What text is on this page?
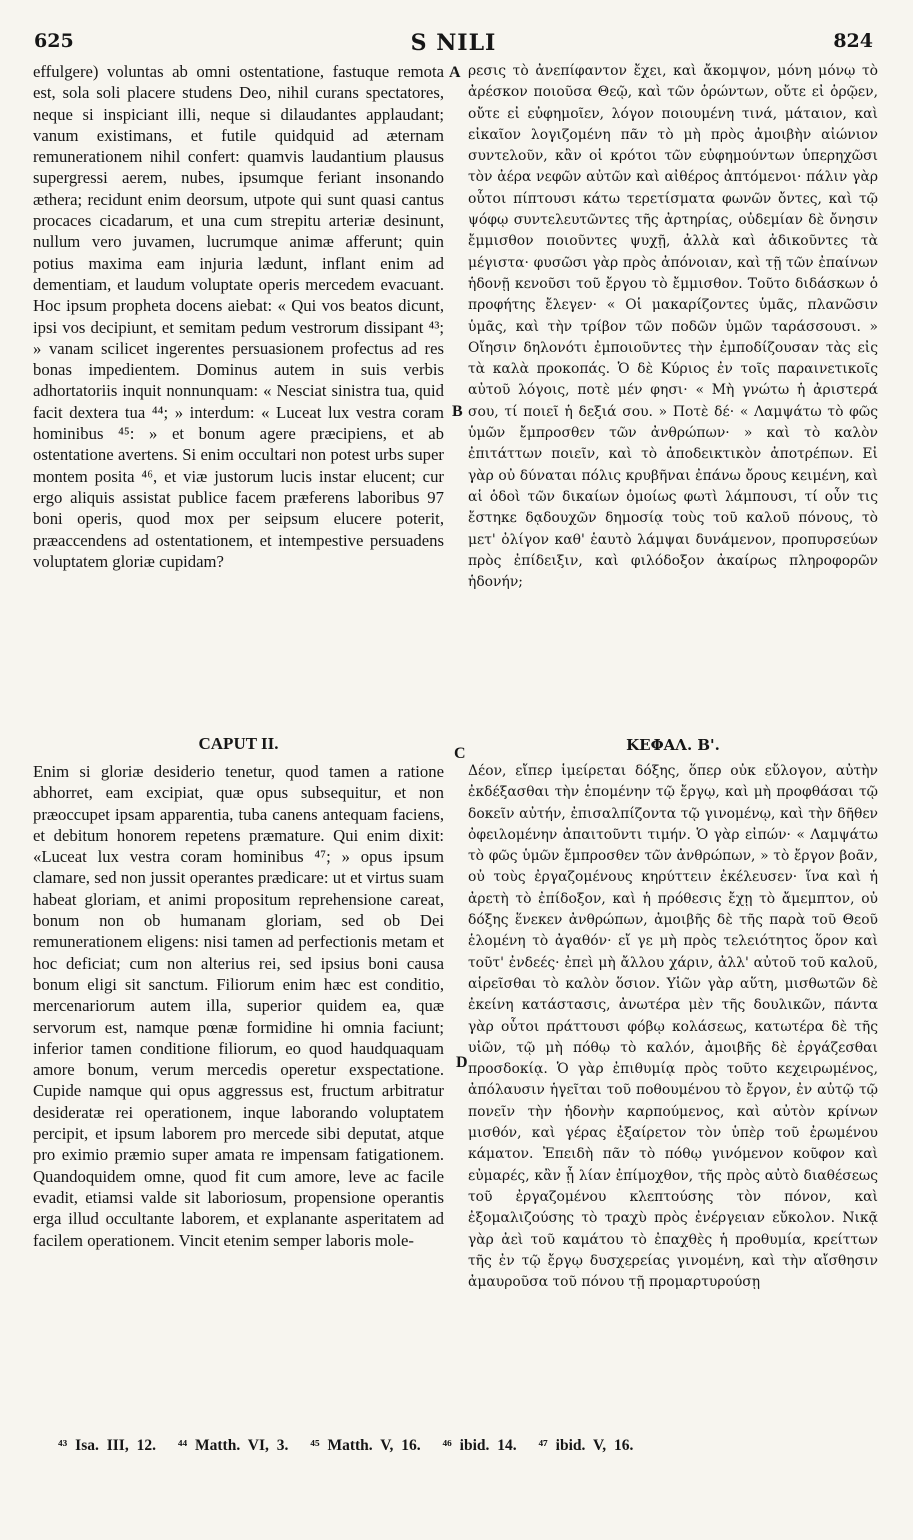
625	S NILI	824
effulgere) voluntas ab omni ostentatione, fastuque remota est, sola soli placere studens Deo, nihil curans spectatores, neque si inspiciant illi, neque si dilaudantes applaudant; vanum existimans, et futile quidquid ad æternam remunerationem nihil confert: quamvis laudantium plausus supergressi aerem, nubes, ipsumque feriant insonando æthera; recidunt enim deorsum, utpote qui sunt quasi cantus procaces cicadarum, et una cum strepitu arteriæ desinunt, nullum vero juvamen, lucrumque animæ afferunt; quin potius maxima eam injuria lædunt, inflant enim ad dementiam, et laudum voluptate operis mercedem evacuant. Hoc ipsum propheta docens aiebat: « Qui vos beatos dicunt, ipsi vos decipiunt, et semitam pedum vestrorum dissipant ⁴³; » vanam scilicet ingerentes persuasionem profectus ad res bonas impedientem. Dominus autem in suis verbis adhortatoriis inquit nonnunquam: « Nesciat sinistra tua, quid facit dextera tua ⁴⁴; » interdum: « Luceat lux vestra coram hominibus ⁴⁵: » et bonum agere præcipiens, et ab ostentatione avertens. Si enim occultari non potest urbs super montem posita ⁴⁶, et viæ justorum lucis instar elucent; cur ergo aliquis assistat publice facem præferens laboribus 97 boni operis, quod mox per seipsum elucere poterit, præaccendens ad ostentationem, et intempestive persuadens voluptatem gloriæ cupidam?
ρεσις τὸ ἀνεπίφαντον ἔχει, καὶ ἄκομψον, μόνη μόνῳ τὸ ἀρέσκον ποιοῦσα Θεῷ, καὶ τῶν ὁρώντων, οὔτε εἰ ὁρῷεν, οὔτε εἰ εὐφημοῖεν, λόγον ποιουμένη τινά, μάταιον, καὶ εἰκαῖον λογιζομένη πᾶν τὸ μὴ πρὸς ἀμοιβὴν αἰώνιον συντελοῦν, κἂν οἱ κρότοι τῶν εὐφημούντων ὑπερηχῶσι τὸν ἀέρα νεφῶν αὐτῶν καὶ αἰθέρος ἀπτόμενοι· πάλιν γὰρ οὗτοι πίπτουσι κάτω τερετίσματα φωνῶν ὄντες, καὶ τῷ ψόφῳ συντελευτῶντες τῆς ἀρτηρίας, οὐδεμίαν δὲ ὄνησιν ἔμμισθον ποιοῦντες ψυχῇ, ἀλλὰ καὶ ἀδικοῦντες τὰ μέγιστα· φυσῶσι γὰρ πρὸς ἀπόνοιαν, καὶ τῇ τῶν ἐπαίνων ἡδονῇ κενοῦσι τοῦ ἔργου τὸ ἔμμισθον. Τοῦτο διδάσκων ὁ προφήτης ἔλεγεν· « Οἱ μακαρίζοντες ὑμᾶς, πλανῶσιν ὑμᾶς, καὶ τὴν τρίβον τῶν ποδῶν ὑμῶν ταράσσουσι. » Οἴησιν δηλονότι ἐμποιοῦντες τὴν ἐμποδίζουσαν τὰς εἰς τὰ καλὰ προκοπάς. Ὁ δὲ Κύριος ἐν τοῖς παραινετικοῖς αὐτοῦ λόγοις, ποτὲ μέν φησι· « Μὴ γνώτω ἡ ἀριστερά σου, τί ποιεῖ ἡ δεξιά σου. » Ποτὲ δέ· « Λαμψάτω τὸ φῶς ὑμῶν ἔμπροσθεν τῶν ἀνθρώπων· » καὶ τὸ καλὸν ἐπιτάττων ποιεῖν, καὶ τὸ ἀποδεικτικὸν ἀποτρέπων. Εἰ γὰρ οὐ δύναται πόλις κρυβῆναι ἐπάνω ὄρους κειμένη, καὶ αἱ ὁδοὶ τῶν δικαίων ὁμοίως φωτὶ λάμπουσι, τί οὖν τις ἔστηκε δᾳδουχῶν δημοσίᾳ τοὺς τοῦ καλοῦ πόνους, τὸ μετ' ὀλίγον καθ' ἑαυτὸ λάμψαι δυνάμενον, προπυρσεύων πρὸς ἐπίδειξιν, καὶ φιλόδοξον ἀκαίρως πληροφορῶν ἡδονήν;
CAPUT II.	ΚΕΦΑΛ. Β'.
Enim si gloriæ desiderio tenetur, quod tamen a ratione abhorret, eam excipiat, quæ opus subsequitur, et non præoccupet ipsam apparentia, tuba canens antequam faciens, et debitum honorem repetens præmature. Qui enim dixit: «Luceat lux vestra coram hominibus ⁴⁷; » opus ipsum clamare, sed non jussit operantes prædicare: ut et virtus suam habeat gloriam, et animi propositum reprehensione careat, bonum non ob humanam gloriam, sed ob Dei remunerationem eligens: nisi tamen ad perfectionis metam et hoc deficiat; cum non alterius rei, sed ipsius boni causa bonum eligi sit sanctum. Filiorum enim hæc est conditio, mercenariorum autem illa, superior quidem ea, quæ servorum est, namque pœnæ formidine hi omnia faciunt; inferior tamen conditione filiorum, eo quod haudquaquam amore bonum, verum mercedis operetur exspectatione. Cupide namque qui opus aggressus est, fructum arbitratur desideratæ rei operationem, inque laborando voluptatem percipit, et ipsum laborem pro mercede sibi deputat, atque pro eximio præmio super amata re impensam fatigationem. Quandoquidem omne, quod fit cum amore, leve ac facile evadit, etiamsi valde sit laboriosum, propensione operantis erga illud occultante laborem, et explanante asperitatem ad facilem operationem. Vincit etenim semper laboris mole-
Δέον, εἴπερ ἱμείρεται δόξης, ὅπερ οὐκ εὔλογον, αὐτὴν ἐκδέξασθαι τὴν ἑπομένην τῷ ἔργῳ, καὶ μὴ προφθάσαι τῷ δοκεῖν αὐτήν, ἐπισαλπίζοντα τῷ γινομένῳ, καὶ τὴν δῆθεν ὀφειλομένην ἀπαιτοῦντι τιμήν. Ὁ γὰρ εἰπών· « Λαμψάτω τὸ φῶς ὑμῶν ἔμπροσθεν τῶν ἀνθρώπων, » τὸ ἔργον βοᾶν, οὐ τοὺς ἐργαζομένους κηρύττειν ἐκέλευσεν· ἵνα καὶ ἡ ἀρετὴ τὸ ἐπίδοξον, καὶ ἡ πρόθεσις ἔχῃ τὸ ἄμεμπτον, οὐ δόξης ἕνεκεν ἀνθρώπων, ἀμοιβῆς δὲ τῆς παρὰ τοῦ Θεοῦ ἑλομένη τὸ ἀγαθόν· εἴ γε μὴ πρὸς τελειότητος ὅρον καὶ τοῦτ' ἐνδεές· ἐπεὶ μὴ ἄλλου χάριν, ἀλλ' αὐτοῦ τοῦ καλοῦ, αἱρεῖσθαι τὸ καλὸν ὅσιον. Υἱῶν γὰρ αὕτη, μισθωτῶν δὲ ἐκείνη κατάστασις, ἀνωτέρα μὲν τῆς δουλικῶν, πάντα γὰρ οὗτοι πράττουσι φόβῳ κολάσεως, κατωτέρα δὲ τῆς υἱῶν, τῷ μὴ πόθῳ τὸ καλόν, ἀμοιβῆς δὲ ἐργάζεσθαι προσδοκίᾳ. Ὁ γὰρ ἐπιθυμίᾳ πρὸς τοῦτο κεχειρωμένος, ἀπόλαυσιν ἡγεῖται τοῦ ποθουμένου τὸ ἔργον, ἐν αὐτῷ τῷ πονεῖν τὴν ἡδονὴν καρπούμενος, καὶ αὐτὸν κρίνων μισθόν, καὶ γέρας ἐξαίρετον τὸν ὑπὲρ τοῦ ἐρωμένου κάματον. Ἐπειδὴ πᾶν τὸ πόθῳ γινόμενον κοῦφον καὶ εὐμαρές, κἂν ᾖ λίαν ἐπίμοχθον, τῆς πρὸς αὐτὸ διαθέσεως τοῦ ἐργαζομένου κλεπτούσης τὸν πόνον, καὶ ἐξομαλιζούσης τὸ τραχὺ πρὸς ἐνέργειαν εὔκολον. Νικᾷ γὰρ ἀεὶ τοῦ καμάτου τὸ ἐπαχθὲς ἡ προθυμία, κρείττων τῆς ἐν τῷ ἔργῳ δυσχερείας γινομένη, καὶ τὴν αἴσθησιν ἀμαυροῦσα τοῦ πόνου τῇ προμαρτυρούσῃ
A
B
C
D
⁴³ Isa. III, 12. ⁴⁴ Matth. VI, 3. ⁴⁵ Matth. V, 16. ⁴⁶ ibid. 14. ⁴⁷ ibid. V, 16.
